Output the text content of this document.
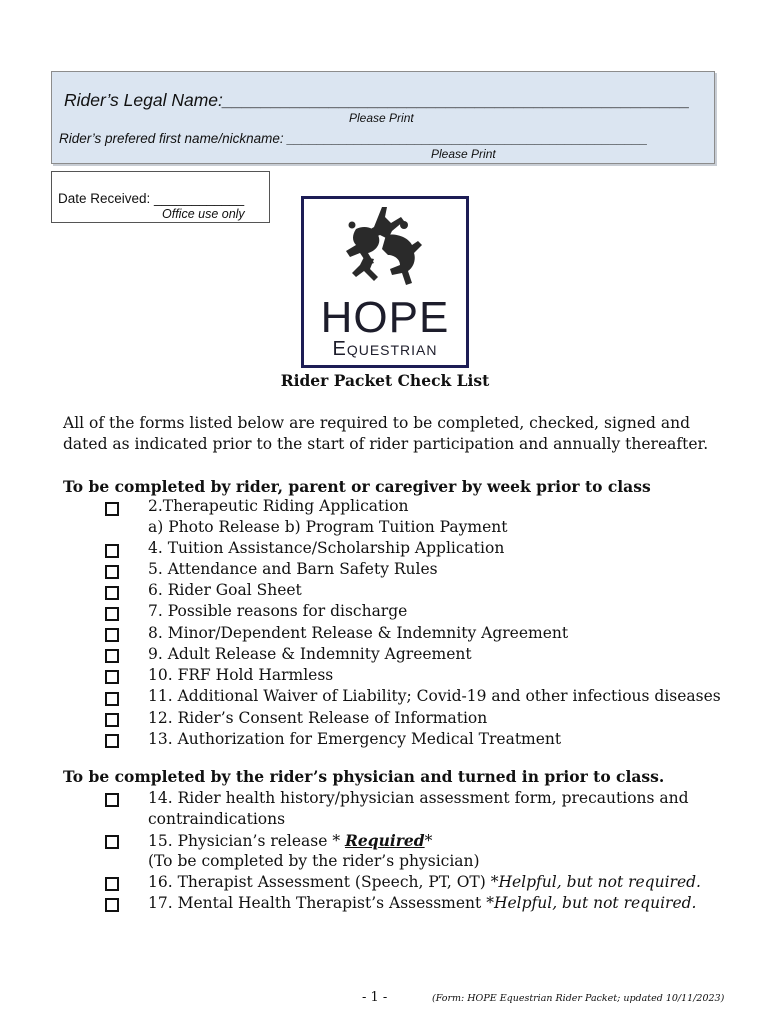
Rider’s Legal Name:________________________________________________
Please Print
Rider’s prefered first name/nickname: ________________________________________________
Please Print
Date Received: ____________
Office use only
HOPE
Equestrian
Rider Packet Check List
All of the forms listed below are required to be completed, checked, signed and dated as indicated prior to the start of rider participation and annually thereafter.
To be completed by rider, parent or caregiver by week prior to class
2.Therapeutic Riding Application
a) Photo Release b) Program Tuition Payment
4. Tuition Assistance/Scholarship Application
5. Attendance and Barn Safety Rules
6. Rider Goal Sheet
7. Possible reasons for discharge
8. Minor/Dependent Release & Indemnity Agreement
9. Adult Release & Indemnity Agreement
10. FRF Hold Harmless
11. Additional Waiver of Liability; Covid-19 and other infectious diseases
12. Rider’s Consent Release of Information
13. Authorization for Emergency Medical Treatment
To be completed by the rider’s physician and turned in prior to class.
14. Rider health history/physician assessment form, precautions and
contraindications
15. Physician’s release * Required*
(To be completed by the rider’s physician)
16. Therapist Assessment (Speech, PT, OT) *Helpful, but not required.
17. Mental Health Therapist’s Assessment *Helpful, but not required.
- 1 -	(Form: HOPE Equestrian Rider Packet; updated 10/11/2023)
